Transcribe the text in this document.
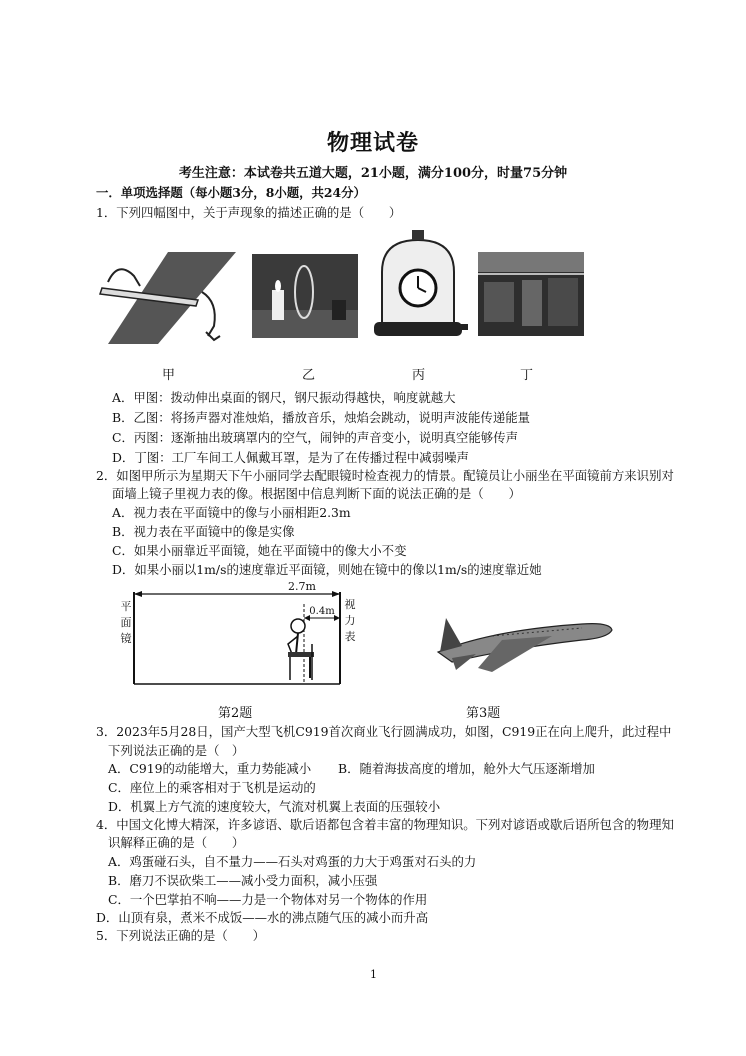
物理试卷
考生注意：本试卷共五道大题，21小题，满分100分，时量75分钟
一．单项选择题（每小题3分，8小题，共24分）
1．下列四幅图中，关于声现象的描述正确的是（　　）
甲	乙	丙	丁
A．甲图：拨动伸出桌面的钢尺，钢尺振动得越快，响度就越大
B．乙图：将扬声器对准烛焰，播放音乐，烛焰会跳动，说明声波能传递能量
C．丙图：逐渐抽出玻璃罩内的空气，闹钟的声音变小，说明真空能够传声
D．丁图：工厂车间工人佩戴耳罩，是为了在传播过程中减弱噪声
2．如图甲所示为星期天下午小丽同学去配眼镜时检查视力的情景。配镜员让小丽坐在平面镜前方来识别对
面墙上镜子里视力表的像。根据图中信息判断下面的说法正确的是（　　）
A．视力表在平面镜中的像与小丽相距2.3m
B．视力表在平面镜中的像是实像
C．如果小丽靠近平面镜，她在平面镜中的像大小不变
D．如果小丽以1m/s的速度靠近平面镜，则她在镜中的像以1m/s的速度靠近她
2.7m
0.4m
平
面
镜
视
力
表
第2题	第3题
3．2023年5月28日，国产大型飞机C919首次商业飞行圆满成功，如图，C919正在向上爬升，此过程中
下列说法正确的是（　）
A．C919的动能增大，重力势能减小 B．随着海拔高度的增加，舱外大气压逐渐增加
C．座位上的乘客相对于飞机是运动的
D．机翼上方气流的速度较大，气流对机翼上表面的压强较小
4．中国文化博大精深，许多谚语、歇后语都包含着丰富的物理知识。下列对谚语或歇后语所包含的物理知
识解释正确的是（　　）
A．鸡蛋碰石头，自不量力——石头对鸡蛋的力大于鸡蛋对石头的力
B．磨刀不误砍柴工——减小受力面积，减小压强
C．一个巴掌拍不响——力是一个物体对另一个物体的作用
D．山顶有泉，煮米不成饭——水的沸点随气压的减小而升高
5．下列说法正确的是（　　）
1
